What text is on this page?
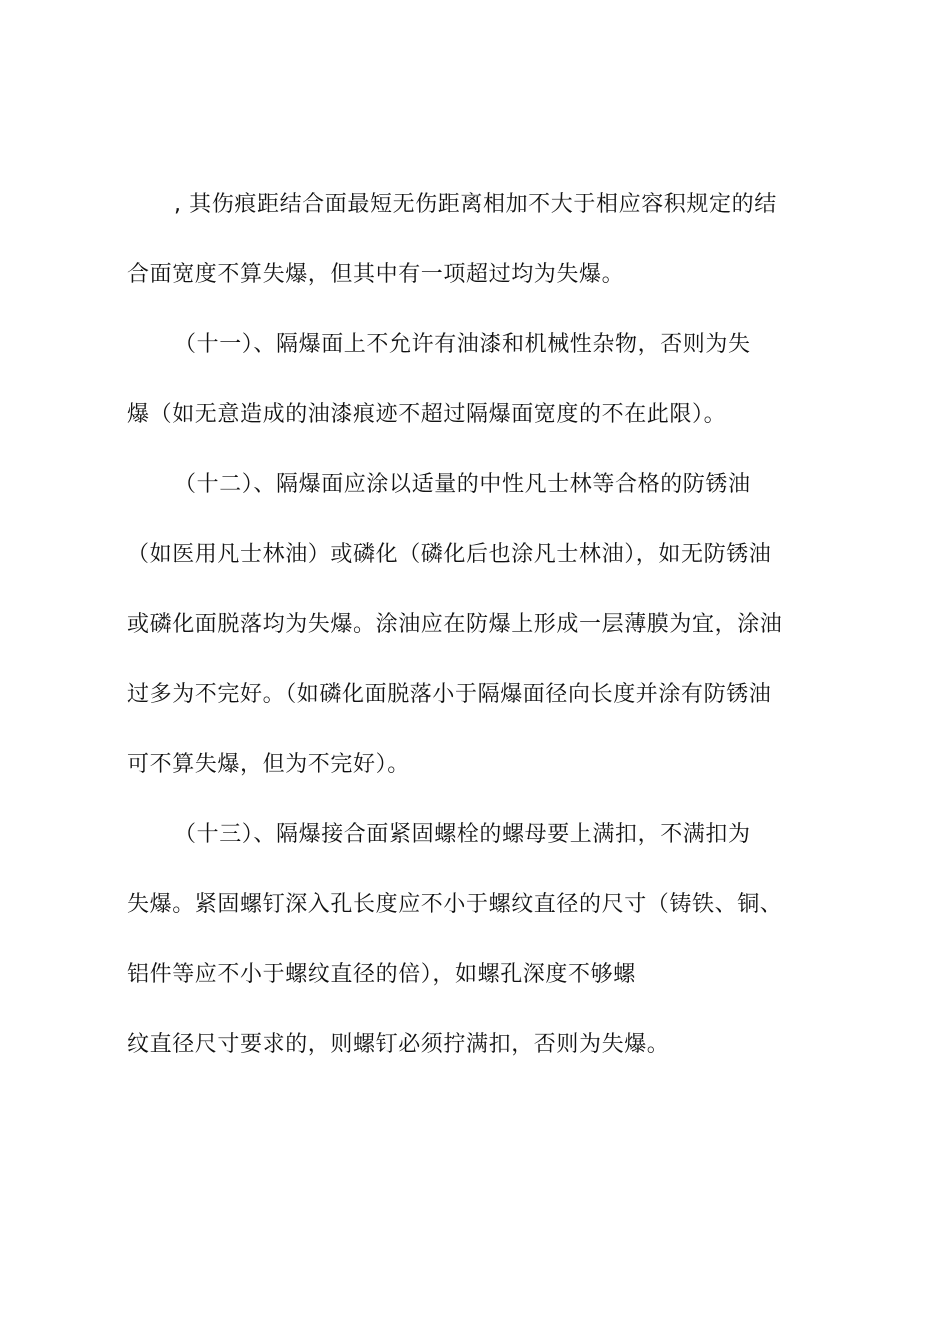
, 其伤痕距结合面最短无伤距离相加不大于相应容积规定的结

合面宽度不算失爆，但其中有一项超过均为失爆。

（十一）、隔爆面上不允许有油漆和机械性杂物，否则为失

爆（如无意造成的油漆痕迹不超过隔爆面宽度的不在此限）。

（十二）、隔爆面应涂以适量的中性凡士林等合格的防锈油

（如医用凡士林油）或磷化（磷化后也涂凡士林油），如无防锈油

或磷化面脱落均为失爆。涂油应在防爆上形成一层薄膜为宜，涂油

过多为不完好。（如磷化面脱落小于隔爆面径向长度并涂有防锈油

可不算失爆，但为不完好）。

（十三）、隔爆接合面紧固螺栓的螺母要上满扣，不满扣为

失爆。紧固螺钉深入孔长度应不小于螺纹直径的尺寸（铸铁、铜、

铝件等应不小于螺纹直径的倍），如螺孔深度不够螺

纹直径尺寸要求的，则螺钉必须拧满扣，否则为失爆。
